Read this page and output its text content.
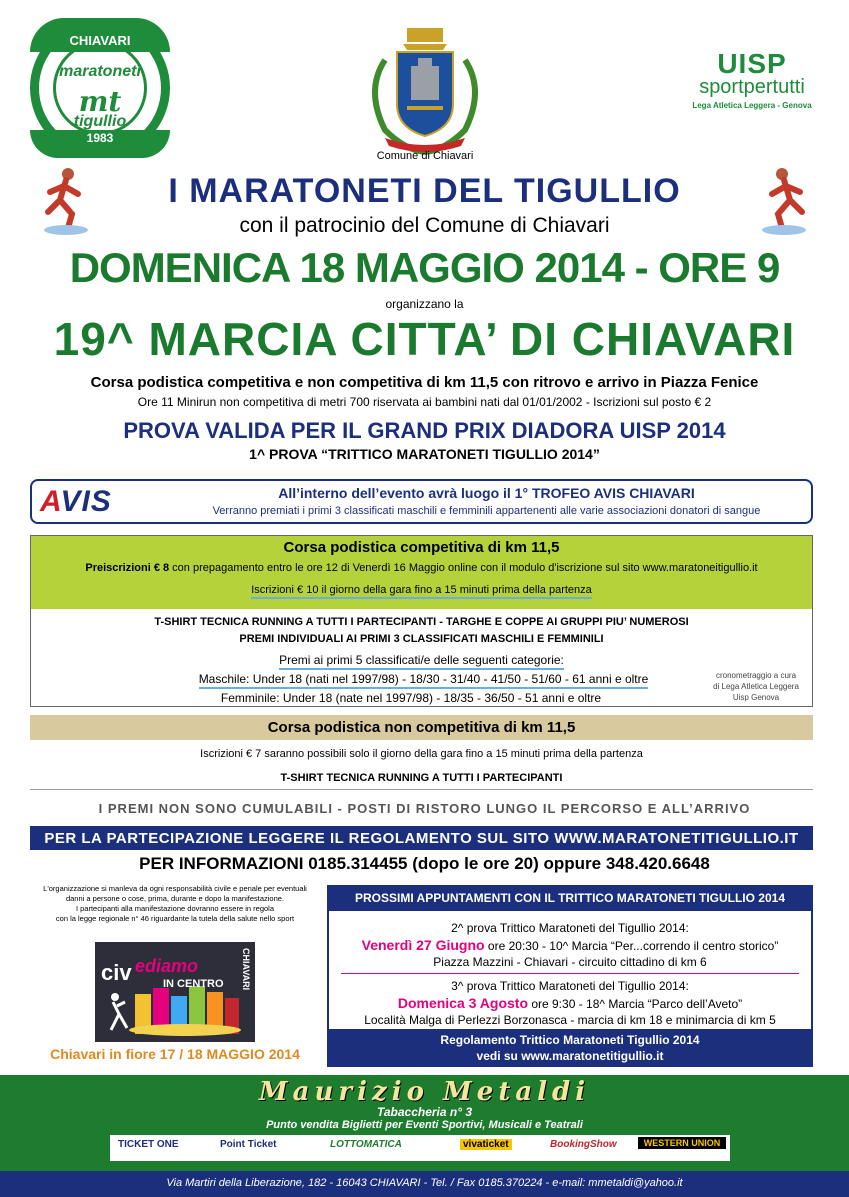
CHIAVARI
maratoneti
mt
tigullio
1983
Comune di Chiavari
UISP
sportpertutti
Lega Atletica Leggera - Genova
I MARATONETI DEL TIGULLIO
con il patrocinio del Comune di Chiavari
DOMENICA 18 MAGGIO 2014 - ORE 9
organizzano la
19^ MARCIA CITTA’ DI CHIAVARI
Corsa podistica competitiva e non competitiva di km 11,5 con ritrovo e arrivo in Piazza Fenice
Ore 11 Minirun non competitiva di metri 700 riservata ai bambini nati dal 01/01/2002 - Iscrizioni sul posto € 2
PROVA VALIDA PER IL GRAND PRIX DIADORA UISP 2014
1^ PROVA “TRITTICO MARATONETI TIGULLIO 2014”
AVIS	All’interno dell’evento avrà luogo il 1° TROFEO AVIS CHIAVARI
Verranno premiati i primi 3 classificati maschili e femminili appartenenti alle varie associazioni donatori di sangue
Corsa podistica competitiva di km 11,5
Preiscrizioni € 8 con prepagamento entro le ore 12 di Venerdì 16 Maggio online con il modulo d'iscrizione sul sito www.maratoneitigullio.it
Iscrizioni € 10 il giorno della gara fino a 15 minuti prima della partenza
T-SHIRT TECNICA RUNNING A TUTTI I PARTECIPANTI - TARGHE E COPPE AI GRUPPI PIU’ NUMEROSI
PREMI INDIVIDUALI AI PRIMI 3 CLASSIFICATI MASCHILI E FEMMINILI
Premi ai primi 5 classificati/e delle seguenti categorie:
Maschile: Under 18 (nati nel 1997/98) - 18/30 - 31/40 - 41/50 - 51/60 - 61 anni e oltre
Femminile: Under 18 (nate nel 1997/98) - 18/35 - 36/50 - 51 anni e oltre
cronometraggio a cura
di Lega Atletica Leggera
Uisp Genova
Corsa podistica non competitiva di km 11,5
Iscrizioni € 7 saranno possibili solo il giorno della gara fino a 15 minuti prima della partenza
T-SHIRT TECNICA RUNNING A TUTTI I PARTECIPANTI
I PREMI NON SONO CUMULABILI - POSTI DI RISTORO LUNGO IL PERCORSO E ALL’ARRIVO
PER LA PARTECIPAZIONE LEGGERE IL REGOLAMENTO SUL SITO WWW.MARATONETITIGULLIO.IT
PER INFORMAZIONI 0185.314455 (dopo le ore 20) oppure 348.420.6648
L'organizzazione si manleva da ogni responsabilità civile e penale per eventuali
danni a persone o cose, prima, durante e dopo la manifestazione.
I partecipanti alla manifestazione dovranno essere in regola
con la legge regionale n° 46 riguardante la tutela della salute nello sport
civ ediamo
IN CENTRO CHIAVARI
Chiavari in fiore 17 / 18 MAGGIO 2014
PROSSIMI APPUNTAMENTI CON IL TRITTICO MARATONETI TIGULLIO 2014
2^ prova Trittico Maratoneti del Tigullio 2014:
Venerdì 27 Giugno ore 20:30 - 10^ Marcia “Per...correndo il centro storico”
Piazza Mazzini - Chiavari - circuito cittadino di km 6
3^ prova Trittico Maratoneti del Tigullio 2014:
Domenica 3 Agosto ore 9:30 - 18^ Marcia “Parco dell’Aveto”
Località Malga di Perlezzi Borzonasca - marcia di km 18 e minimarcia di km 5
Regolamento Trittico Maratoneti Tigullio 2014
vedi su www.maratonetitigullio.it
Maurizio Metaldi
Tabaccheria n° 3
Punto vendita Biglietti per Eventi Sportivi, Musicali e Teatrali
TICKET ONE	Point Ticket	LOTTOMATICA	vivaticket	BookingShow	WESTERN UNION
Via Martiri della Liberazione, 182 - 16043 CHIAVARI - Tel. / Fax 0185.370224 - e-mail: mmetaldi@yahoo.it
